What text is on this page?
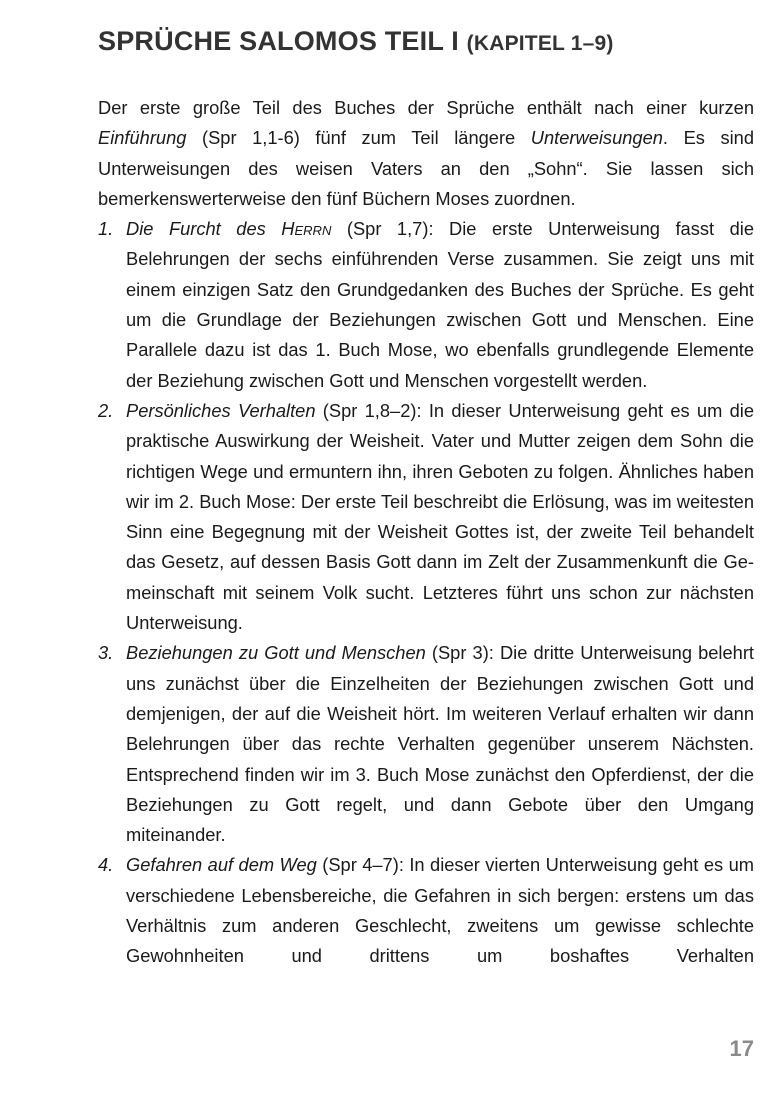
SPRÜCHE SALOMOS TEIL I (KAPITEL 1–9)

Der erste große Teil des Buches der Sprüche enthält nach einer kurzen Einführung (Spr 1,1-6) fünf zum Teil längere Unterweisungen. Es sind Unterweisungen des weisen Vaters an den „Sohn“. Sie lassen sich bemerkenswerterweise den fünf Büchern Moses zuordnen.

1. Die Furcht des Herrn (Spr 1,7): Die erste Unterweisung fasst die Belehrungen der sechs einführenden Verse zusammen. Sie zeigt uns mit einem einzigen Satz den Grundgedanken des Buches der Sprüche. Es geht um die Grundlage der Beziehungen zwischen Gott und Menschen. Eine Parallele dazu ist das 1. Buch Mose, wo ebenfalls grundlegende Elemente der Beziehung zwischen Gott und Menschen vorgestellt werden.
2. Persönliches Verhalten (Spr 1,8–2): In dieser Unterweisung geht es um die praktische Auswirkung der Weisheit. Vater und Mutter zeigen dem Sohn die richtigen Wege und ermuntern ihn, ihren Geboten zu folgen. Ähnliches haben wir im 2. Buch Mose: Der erste Teil beschreibt die Erlösung, was im weitesten Sinn eine Begegnung mit der Weisheit Gottes ist, der zweite Teil behandelt das Gesetz, auf dessen Basis Gott dann im Zelt der Zusammenkunft die Gemeinschaft mit seinem Volk sucht. Letzteres führt uns schon zur nächsten Unterweisung.
3. Beziehungen zu Gott und Menschen (Spr 3): Die dritte Unterweisung belehrt uns zunächst über die Einzelheiten der Beziehungen zwischen Gott und demjenigen, der auf die Weisheit hört. Im weiteren Verlauf erhalten wir dann Belehrungen über das rechte Verhalten gegenüber unserem Nächsten. Entsprechend finden wir im 3. Buch Mose zunächst den Opferdienst, der die Beziehungen zu Gott regelt, und dann Gebote über den Umgang miteinander.
4. Gefahren auf dem Weg (Spr 4–7): In dieser vierten Unterweisung geht es um verschiedene Lebensbereiche, die Gefahren in sich bergen: erstens um das Verhältnis zum anderen Geschlecht, zweitens um gewisse schlechte Gewohnheiten und drittens um boshaftes Verhalten
17
